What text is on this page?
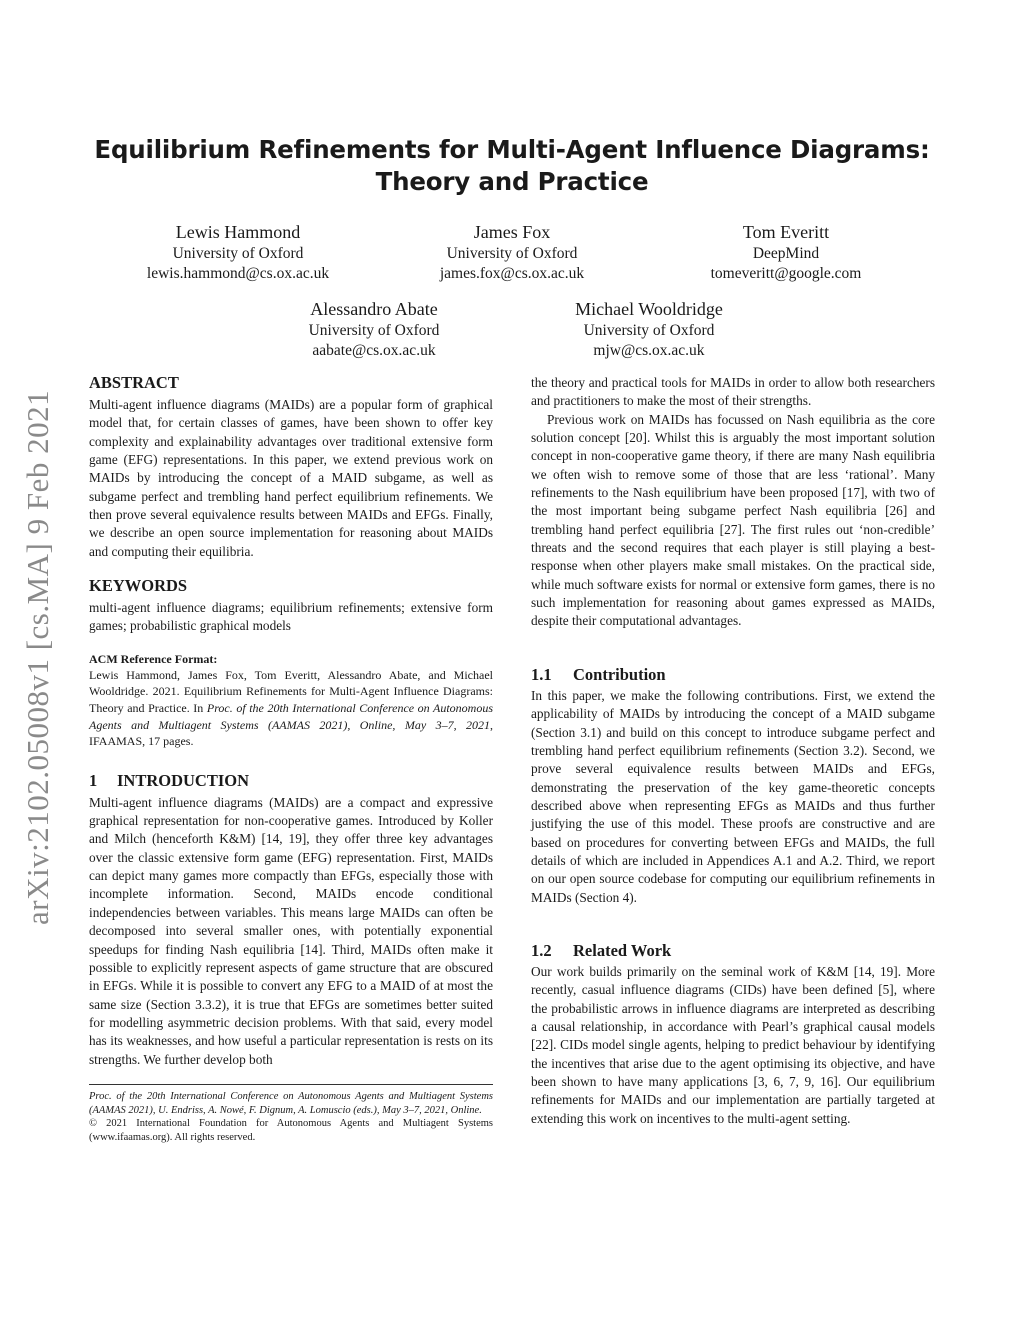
arXiv:2102.05008v1 [cs.MA] 9 Feb 2021
Equilibrium Refinements for Multi-Agent Influence Diagrams:
Theory and Practice
Lewis Hammond
University of Oxford
lewis.hammond@cs.ox.ac.uk
James Fox
University of Oxford
james.fox@cs.ox.ac.uk
Tom Everitt
DeepMind
tomeveritt@google.com
Alessandro Abate
University of Oxford
aabate@cs.ox.ac.uk
Michael Wooldridge
University of Oxford
mjw@cs.ox.ac.uk
ABSTRACT

Multi-agent influence diagrams (MAIDs) are a popular form of graphical model that, for certain classes of games, have been shown to offer key complexity and explainability advantages over traditional extensive form game (EFG) representations. In this paper, we extend previous work on MAIDs by introducing the concept of a MAID subgame, as well as subgame perfect and trembling hand perfect equilibrium refinements. We then prove several equivalence results between MAIDs and EFGs. Finally, we describe an open source implementation for reasoning about MAIDs and computing their equilibria.

KEYWORDS

multi-agent influence diagrams; equilibrium refinements; extensive form games; probabilistic graphical models

ACM Reference Format:
Lewis Hammond, James Fox, Tom Everitt, Alessandro Abate, and Michael Wooldridge. 2021. Equilibrium Refinements for Multi-Agent Influence Diagrams: Theory and Practice. In Proc. of the 20th International Conference on Autonomous Agents and Multiagent Systems (AAMAS 2021), Online, May 3–7, 2021, IFAAMAS, 17 pages.
1 INTRODUCTION

Multi-agent influence diagrams (MAIDs) are a compact and expressive graphical representation for non-cooperative games. Introduced by Koller and Milch (henceforth K&M) [14, 19], they offer three key advantages over the classic extensive form game (EFG) representation. First, MAIDs can depict many games more compactly than EFGs, especially those with incomplete information. Second, MAIDs encode conditional independencies between variables. This means large MAIDs can often be decomposed into several smaller ones, with potentially exponential speedups for finding Nash equilibria [14]. Third, MAIDs often make it possible to explicitly represent aspects of game structure that are obscured in EFGs. While it is possible to convert any EFG to a MAID of at most the same size (Section 3.3.2), it is true that EFGs are sometimes better suited for modelling asymmetric decision problems. With that said, every model has its weaknesses, and how useful a particular representation is rests on its strengths. We further develop both

Proc. of the 20th International Conference on Autonomous Agents and Multiagent Systems (AAMAS 2021), U. Endriss, A. Nowé, F. Dignum, A. Lomuscio (eds.), May 3–7, 2021, Online.
© 2021 International Foundation for Autonomous Agents and Multiagent Systems (www.ifaamas.org). All rights reserved.

the theory and practical tools for MAIDs in order to allow both researchers and practitioners to make the most of their strengths.

Previous work on MAIDs has focussed on Nash equilibria as the core solution concept [20]. Whilst this is arguably the most important solution concept in non-cooperative game theory, if there are many Nash equilibria we often wish to remove some of those that are less ‘rational’. Many refinements to the Nash equilibrium have been proposed [17], with two of the most important being subgame perfect Nash equilibria [26] and trembling hand perfect equilibria [27]. The first rules out ‘non-credible’ threats and the second requires that each player is still playing a best-response when other players make small mistakes. On the practical side, while much software exists for normal or extensive form games, there is no such implementation for reasoning about games expressed as MAIDs, despite their computational advantages.

1.1 Contribution

In this paper, we make the following contributions. First, we extend the applicability of MAIDs by introducing the concept of a MAID subgame (Section 3.1) and build on this concept to introduce subgame perfect and trembling hand perfect equilibrium refinements (Section 3.2). Second, we prove several equivalence results between MAIDs and EFGs, demonstrating the preservation of the key game-theoretic concepts described above when representing EFGs as MAIDs and thus further justifying the use of this model. These proofs are constructive and are based on procedures for converting between EFGs and MAIDs, the full details of which are included in Appendices A.1 and A.2. Third, we report on our open source codebase for computing our equilibrium refinements in MAIDs (Section 4).

1.2 Related Work

Our work builds primarily on the seminal work of K&M [14, 19]. More recently, casual influence diagrams (CIDs) have been defined [5], where the probabilistic arrows in influence diagrams are interpreted as describing a causal relationship, in accordance with Pearl’s graphical causal models [22]. CIDs model single agents, helping to predict behaviour by identifying the incentives that arise due to the agent optimising its objective, and have been shown to have many applications [3, 6, 7, 9, 16]. Our equilibrium refinements for MAIDs and our implementation are partially targeted at extending this work on incentives to the multi-agent setting.
